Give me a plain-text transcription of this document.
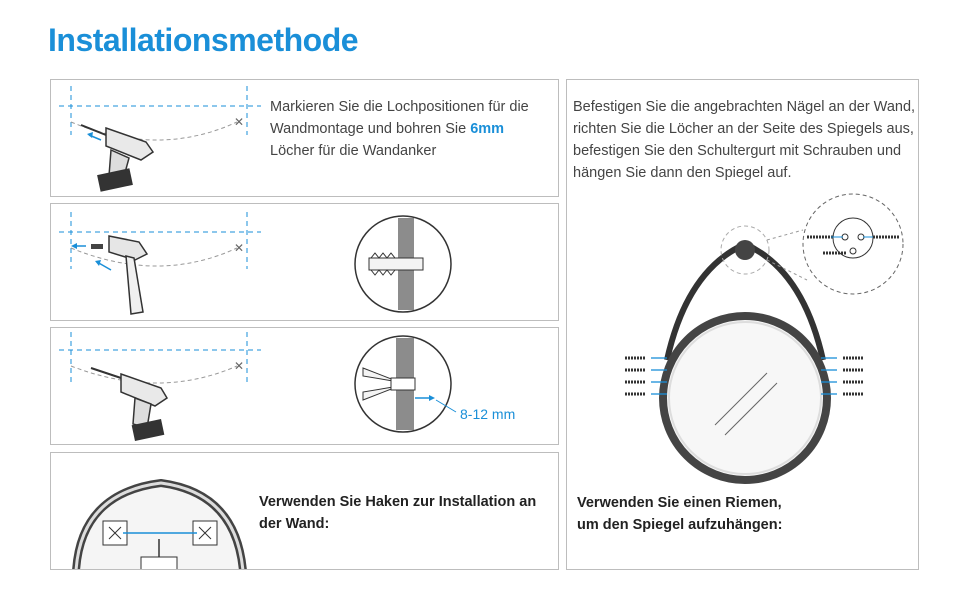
Installationsmethode
✕
Markieren Sie die Lochpositionen für die Wandmontage und bohren Sie 6mm Löcher für die Wandanker
✕
✕
8-12 mm
Verwenden Sie Haken zur Installation an der Wand:
Befestigen Sie die angebrachten Nägel an der Wand, richten Sie die Löcher an der Seite des Spiegels aus, befestigen Sie den Schultergurt mit Schrauben und hängen Sie dann den Spiegel auf.
Verwenden Sie einen Riemen, um den Spiegel aufzuhängen:
